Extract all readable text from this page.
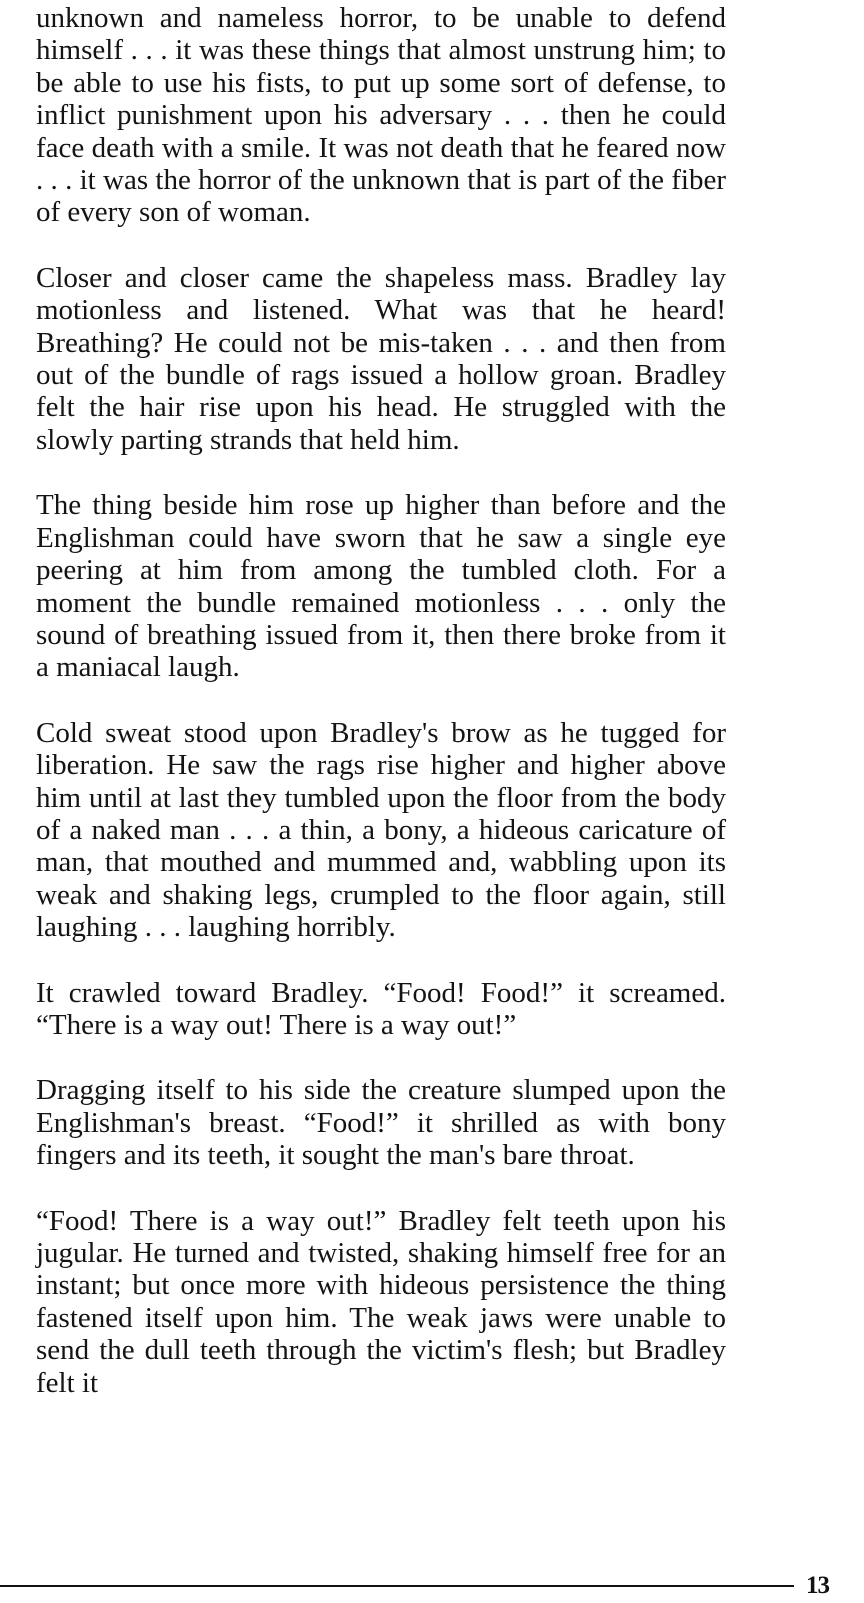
unknown and nameless horror, to be unable to defend himself . . . it was these things that almost unstrung him; to be able to use his fists, to put up some sort of defense, to inflict punishment upon his adversary . . . then he could face death with a smile. It was not death that he feared now . . . it was the horror of the unknown that is part of the fiber of every son of woman.

Closer and closer came the shapeless mass. Bradley lay motionless and listened. What was that he heard! Breathing? He could not be mis-taken . . . and then from out of the bundle of rags issued a hollow groan. Bradley felt the hair rise upon his head. He struggled with the slowly parting strands that held him.

The thing beside him rose up higher than before and the Englishman could have sworn that he saw a single eye peering at him from among the tumbled cloth. For a moment the bundle remained motionless . . . only the sound of breathing issued from it, then there broke from it a maniacal laugh.

Cold sweat stood upon Bradley's brow as he tugged for liberation. He saw the rags rise higher and higher above him until at last they tumbled upon the floor from the body of a naked man . . . a thin, a bony, a hideous caricature of man, that mouthed and mummed and, wabbling upon its weak and shaking legs, crumpled to the floor again, still laughing . . . laughing horribly.

It crawled toward Bradley. “Food! Food!” it screamed. “There is a way out! There is a way out!”

Dragging itself to his side the creature slumped upon the Englishman's breast. “Food!” it shrilled as with bony fingers and its teeth, it sought the man's bare throat.

“Food! There is a way out!” Bradley felt teeth upon his jugular. He turned and twisted, shaking himself free for an instant; but once more with hideous persistence the thing fastened itself upon him. The weak jaws were unable to send the dull teeth through the victim's flesh; but Bradley felt it

13
